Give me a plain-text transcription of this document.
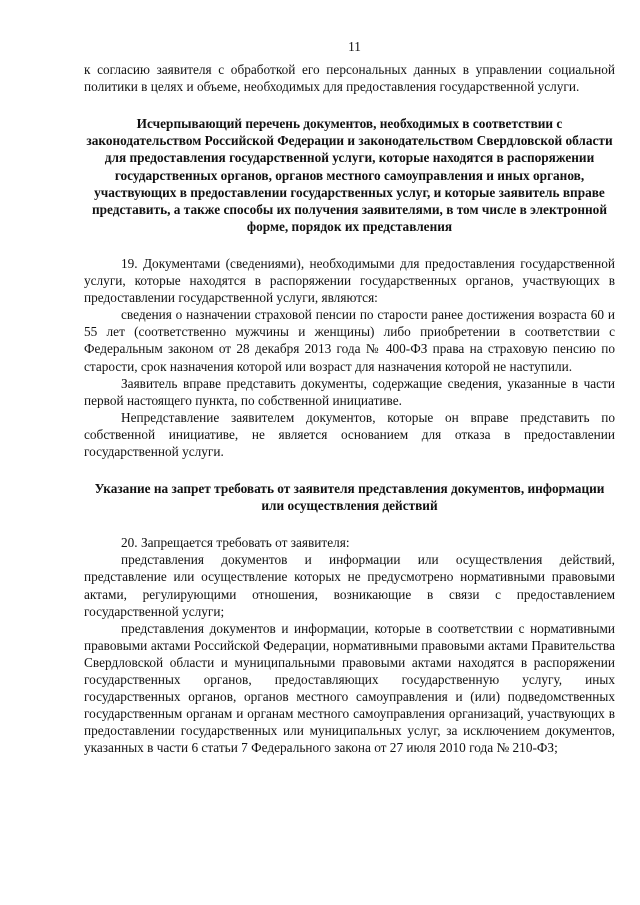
11

к согласию заявителя с обработкой его персональных данных в управлении социальной политики в целях и объеме, необходимых для предоставления государственной услуги.

Исчерпывающий перечень документов, необходимых в соответствии с законодательством Российской Федерации и законодательством Свердловской области для предоставления государственной услуги, которые находятся в распоряжении государственных органов, органов местного самоуправления и иных органов, участвующих в предоставлении государственных услуг, и которые заявитель вправе представить, а также способы их получения заявителями, в том числе в электронной форме, порядок их представления

19. Документами (сведениями), необходимыми для предоставления государственной услуги, которые находятся в распоряжении государственных органов, участвующих в предоставлении государственной услуги, являются:

сведения о назначении страховой пенсии по старости ранее достижения возраста 60 и 55 лет (соответственно мужчины и женщины) либо приобретении в соответствии с Федеральным законом от 28 декабря 2013 года № 400-ФЗ права на страховую пенсию по старости, срок назначения которой или возраст для назначения которой не наступили.

Заявитель вправе представить документы, содержащие сведения, указанные в части первой настоящего пункта, по собственной инициативе.

Непредставление заявителем документов, которые он вправе представить по собственной инициативе, не является основанием для отказа в предоставлении государственной услуги.

Указание на запрет требовать от заявителя представления документов, информации или осуществления действий

20. Запрещается требовать от заявителя:

представления документов и информации или осуществления действий, представление или осуществление которых не предусмотрено нормативными правовыми актами, регулирующими отношения, возникающие в связи с предоставлением государственной услуги;

представления документов и информации, которые в соответствии с нормативными правовыми актами Российской Федерации, нормативными правовыми актами Правительства Свердловской области и муниципальными правовыми актами находятся в распоряжении государственных органов, предоставляющих государственную услугу, иных государственных органов, органов местного самоуправления и (или) подведомственных государственным органам и органам местного самоуправления организаций, участвующих в предоставлении государственных или муниципальных услуг, за исключением документов, указанных в части 6 статьи 7 Федерального закона от 27 июля 2010 года № 210-ФЗ;
